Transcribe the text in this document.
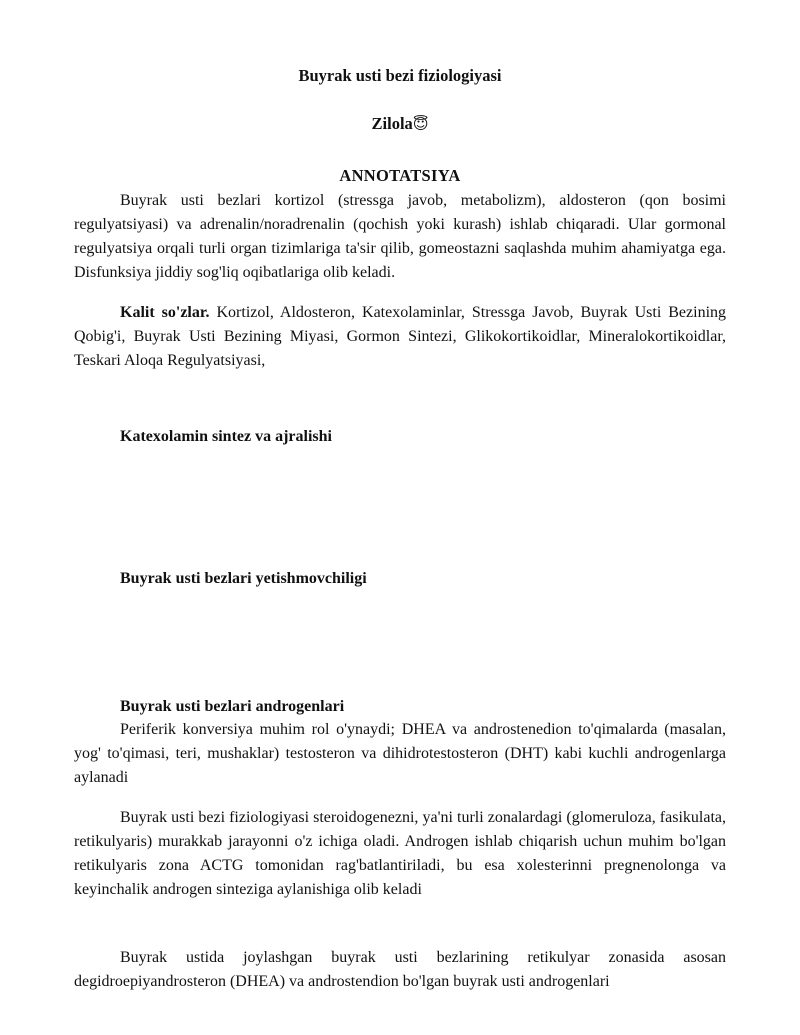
Buyrak usti bezi fiziologiyasi
Zilola😇
ANNOTATSIYA
Buyrak usti bezlari kortizol (stressga javob, metabolizm), aldosteron (qon bosimi regulyatsiyasi) va adrenalin/noradrenalin (qochish yoki kurash) ishlab chiqaradi. Ular gormonal regulyatsiya orqali turli organ tizimlariga ta'sir qilib, gomeostazni saqlashda muhim ahamiyatga ega. Disfunksiya jiddiy sog'liq oqibatlariga olib keladi.
Kalit so'zlar. Kortizol, Aldosteron, Katexolaminlar, Stressga Javob, Buyrak Usti Bezining Qobig'i, Buyrak Usti Bezining Miyasi, Gormon Sintezi, Glikokortikoidlar, Mineralokortikoidlar, Teskari Aloqa Regulyatsiyasi,
Katexolamin sintez va ajralishi
Buyrak usti bezlari yetishmovchiligi
Buyrak usti bezlari androgenlari
Periferik konversiya muhim rol o'ynaydi; DHEA va androstenedion to'qimalarda (masalan, yog' to'qimasi, teri, mushaklar) testosteron va dihidrotestosteron (DHT) kabi kuchli androgenlarga aylanadi
Buyrak usti bezi fiziologiyasi steroidogenezni, ya'ni turli zonalardagi (glomeruloza, fasikulata, retikulyaris) murakkab jarayonni o'z ichiga oladi. Androgen ishlab chiqarish uchun muhim bo'lgan retikulyaris zona ACTG tomonidan rag'batlantiriladi, bu esa xolesterinni pregnenolonga va keyinchalik androgen sinteziga aylanishiga olib keladi
Buyrak ustida joylashgan buyrak usti bezlarining retikulyar zonasida asosan degidroepiyandrosteron (DHEA) va androstendion bo'lgan buyrak usti androgenlari
